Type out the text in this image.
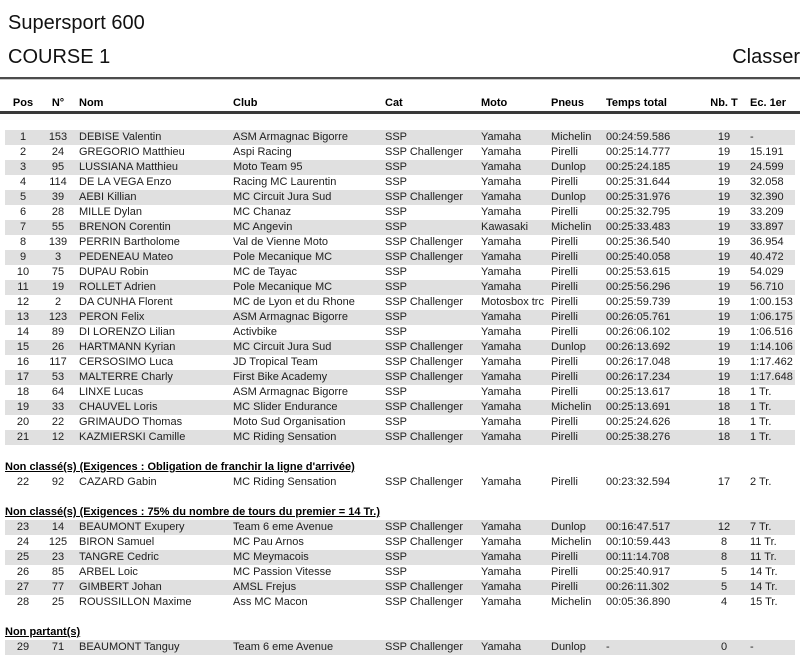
Supersport 600
COURSE 1	Classer
Pos	N°	Nom	Club	Cat	Moto	Pneus	Temps total	Nb. T	Ec. 1er
1	153	DEBISE Valentin	ASM Armagnac Bigorre	SSP	Yamaha	Michelin	00:24:59.586	19	-
2	24	GREGORIO Matthieu	Aspi Racing	SSP Challenger	Yamaha	Pirelli	00:25:14.777	19	15.191
3	95	LUSSIANA Matthieu	Moto Team 95	SSP	Yamaha	Dunlop	00:25:24.185	19	24.599
4	114	DE LA VEGA Enzo	Racing MC Laurentin	SSP	Yamaha	Pirelli	00:25:31.644	19	32.058
5	39	AEBI Killian	MC Circuit Jura Sud	SSP Challenger	Yamaha	Dunlop	00:25:31.976	19	32.390
6	28	MILLE Dylan	MC Chanaz	SSP	Yamaha	Pirelli	00:25:32.795	19	33.209
7	55	BRENON Corentin	MC Angevin	SSP	Kawasaki	Michelin	00:25:33.483	19	33.897
8	139	PERRIN Bartholome	Val de Vienne Moto	SSP Challenger	Yamaha	Pirelli	00:25:36.540	19	36.954
9	3	PEDENEAU Mateo	Pole Mecanique MC	SSP Challenger	Yamaha	Pirelli	00:25:40.058	19	40.472
10	75	DUPAU Robin	MC de Tayac	SSP	Yamaha	Pirelli	00:25:53.615	19	54.029
11	19	ROLLET Adrien	Pole Mecanique MC	SSP	Yamaha	Pirelli	00:25:56.296	19	56.710
12	2	DA CUNHA Florent	MC de Lyon et du Rhone	SSP Challenger	Motosbox trc	Pirelli	00:25:59.739	19	1:00.153
13	123	PERON Felix	ASM Armagnac Bigorre	SSP	Yamaha	Pirelli	00:26:05.761	19	1:06.175
14	89	DI LORENZO Lilian	Activbike	SSP	Yamaha	Pirelli	00:26:06.102	19	1:06.516
15	26	HARTMANN Kyrian	MC Circuit Jura Sud	SSP Challenger	Yamaha	Dunlop	00:26:13.692	19	1:14.106
16	117	CERSOSIMO Luca	JD Tropical Team	SSP Challenger	Yamaha	Pirelli	00:26:17.048	19	1:17.462
17	53	MALTERRE Charly	First Bike Academy	SSP Challenger	Yamaha	Pirelli	00:26:17.234	19	1:17.648
18	64	LINXE Lucas	ASM Armagnac Bigorre	SSP	Yamaha	Pirelli	00:25:13.617	18	1 Tr.
19	33	CHAUVEL Loris	MC Slider Endurance	SSP Challenger	Yamaha	Michelin	00:25:13.691	18	1 Tr.
20	22	GRIMAUDO Thomas	Moto Sud Organisation	SSP	Yamaha	Pirelli	00:25:24.626	18	1 Tr.
21	12	KAZMIERSKI Camille	MC Riding Sensation	SSP Challenger	Yamaha	Pirelli	00:25:38.276	18	1 Tr.
Non classé(s) (Exigences : Obligation de franchir la ligne d'arrivée)
22	92	CAZARD Gabin	MC Riding Sensation	SSP Challenger	Yamaha	Pirelli	00:23:32.594	17	2 Tr.
Non classé(s) (Exigences : 75% du nombre de tours du premier = 14 Tr.)
23	14	BEAUMONT Exupery	Team 6 eme Avenue	SSP Challenger	Yamaha	Dunlop	00:16:47.517	12	7 Tr.
24	125	BIRON Samuel	MC Pau Arnos	SSP Challenger	Yamaha	Michelin	00:10:59.443	8	11 Tr.
25	23	TANGRE Cedric	MC Meymacois	SSP	Yamaha	Pirelli	00:11:14.708	8	11 Tr.
26	85	ARBEL Loic	MC Passion Vitesse	SSP	Yamaha	Pirelli	00:25:40.917	5	14 Tr.
27	77	GIMBERT Johan	AMSL Frejus	SSP Challenger	Yamaha	Pirelli	00:26:11.302	5	14 Tr.
28	25	ROUSSILLON Maxime	Ass MC Macon	SSP Challenger	Yamaha	Michelin	00:05:36.890	4	15 Tr.
Non partant(s)
29	71	BEAUMONT Tanguy	Team 6 eme Avenue	SSP Challenger	Yamaha	Dunlop	-	0	-
